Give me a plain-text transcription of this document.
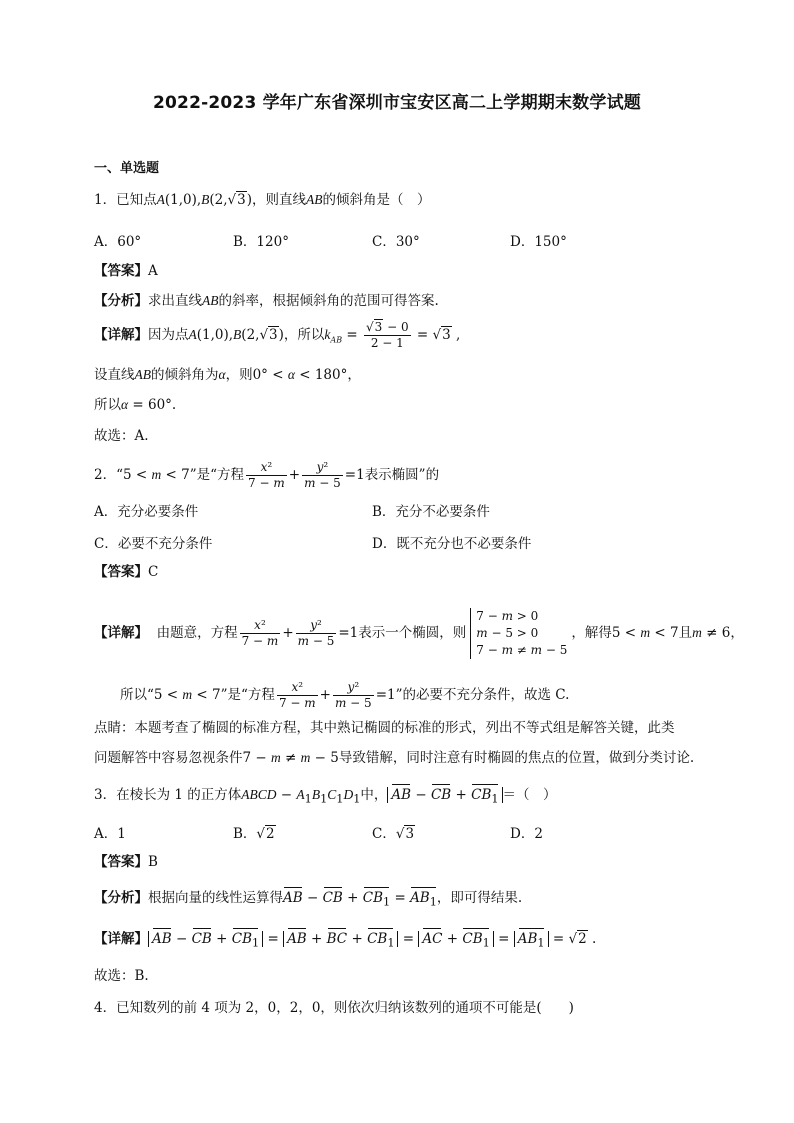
2022-2023 学年广东省深圳市宝安区高二上学期期末数学试题
一、单选题
1．已知点A(1,0),B(2,√3)，则直线AB的倾斜角是（　）
A．60°	B．120°	C．30°	D．150°
【答案】A
【分析】求出直线AB的斜率，根据倾斜角的范围可得答案.
【详解】因为点A(1,0),B(2,√3)，所以$k_{AB} = \frac{√3 - 0}{2 - 1} = √3$ ,
设直线AB的倾斜角为α，则0° < α < 180°，
所以α = 60°.
故选：A.
2．“5 < m < 7”是“方程 $\frac{\text{x²}}{7 - m} + \frac{\text{y²}}{m - 5} =1$表示椭圆”的
A．充分必要条件	B．充分不必要条件
C．必要不充分条件	D．既不充分也不必要条件
【答案】C
【详解】 由题意，方程 $\frac{\text{x²}}{7 - m} + \frac{\text{y²}}{m - 5} =1$表示一个椭圆，则7 − m > 0
m − 5 > 0
7 − m ≠ m − 5，解得5 < m < 7且m ≠ 6，
所以“5 < m < 7”是“方程 $\frac{\text{x²}}{7 - m} + \frac{\text{y²}}{m - 5} =1$”的必要不充分条件，故选 C.
点睛：本题考查了椭圆的标准方程，其中熟记椭圆的标准的形式，列出不等式组是解答关键，此类
问题解答中容易忽视条件7 − m ≠ m − 5导致错解，同时注意有时椭圆的焦点的位置，做到分类讨论.
3．在棱长为 1 的正方体ABCD − $A_1B_1C_1D_1$中， AB − CB + $CB_1$ ＝（　）
A．1	B．√2	C．√3	D．2
【答案】B
【分析】根据向量的线性运算得AB − CB + $CB_1 = AB_1$，即可得结果.
【详解】 AB − CB + $CB_1$ = AB + BC + $CB_1$ = AC + $CB_1 = AB_1 = √2$ .
故选：B.
4．已知数列的前 4 项为 2，0，2，0，则依次归纳该数列的通项不可能是(　　)
